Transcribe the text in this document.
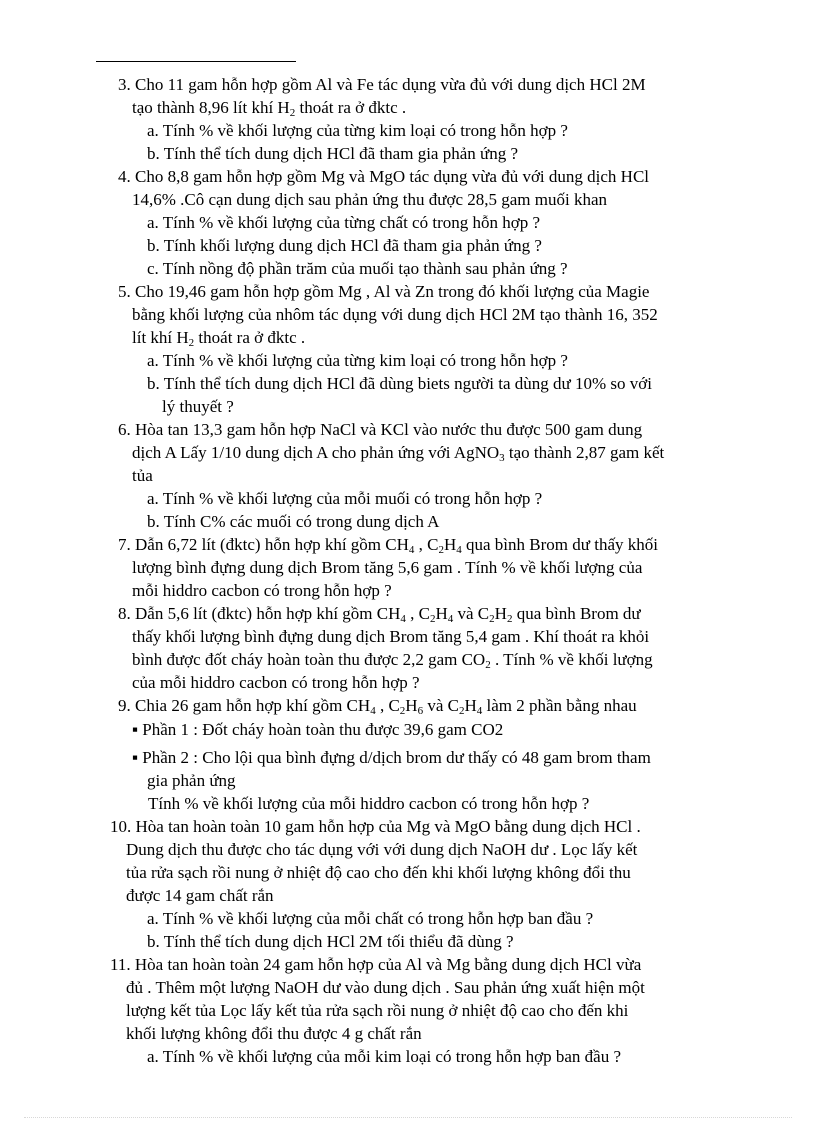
3. Cho 11 gam hỗn hợp gồm Al và Fe tác dụng vừa đủ với dung dịch HCl 2M
tạo thành 8,96 lít khí $H_2$ thoát ra ở đktc .
a. Tính % về khối lượng của từng kim loại có trong hỗn hợp ?
b. Tính thể tích dung dịch HCl đã tham gia phản ứng ?
4. Cho 8,8 gam hỗn hợp gồm Mg và MgO tác dụng vừa đủ với dung dịch HCl
14,6% .Cô cạn dung dịch sau phản ứng thu được 28,5 gam muối khan
a. Tính % về khối lượng của từng chất có trong hỗn hợp ?
b. Tính khối lượng dung dịch HCl đã tham gia phản ứng ?
c. Tính nồng độ phần trăm của muối tạo thành sau phản ứng ?
5. Cho 19,46 gam hỗn hợp gồm Mg , Al và Zn trong đó khối lượng của Magie
bằng khối lượng của nhôm tác dụng với dung dịch HCl 2M tạo thành 16, 352
lít khí $H_2$ thoát ra ở đktc .
a. Tính % về khối lượng của từng kim loại có trong hỗn hợp ?
b. Tính thể tích dung dịch HCl đã dùng biets người ta dùng dư 10% so với
lý thuyết ?
6. Hòa tan 13,3 gam hỗn hợp NaCl và KCl vào nước thu được 500 gam dung
dịch A Lấy 1/10 dung dịch A cho phản ứng với AgNO$_3$ tạo thành 2,87 gam kết
tủa
a. Tính % về khối lượng của mỗi muối có trong hỗn hợp ?
b. Tính C% các muối có trong dung dịch A
7. Dẫn 6,72 lít (đktc) hỗn hợp khí gồm $CH_4$ , $C_2H_4$ qua bình Brom dư thấy khối
lượng bình đựng dung dịch Brom tăng 5,6 gam . Tính % về khối lượng của
mỗi hiddro cacbon có trong hỗn hợp ?
8. Dẫn 5,6 lít (đktc) hỗn hợp khí gồm $CH_4$ , $C_2H_4$ và $C_2H_2$ qua bình Brom dư
thấy khối lượng bình đựng dung dịch Brom tăng 5,4 gam . Khí thoát ra khỏi
bình được đốt cháy hoàn toàn thu được 2,2 gam $CO_2$ . Tính % về khối lượng
của mỗi hiddro cacbon có trong hỗn hợp ?
9. Chia 26 gam hỗn hợp khí gồm $CH_4$ , $C_2H_6$ và $C_2H_4$ làm 2 phần bằng nhau
▪ Phần 1 : Đốt cháy hoàn toàn thu được 39,6 gam CO2
▪ Phần 2 : Cho lội qua bình đựng d/dịch brom dư thấy có 48 gam brom tham
gia phản ứng
Tính % về khối lượng của mỗi hiddro cacbon có trong hỗn hợp ?
10. Hòa tan hoàn toàn 10 gam hỗn hợp của Mg và MgO bằng dung dịch HCl .
Dung dịch thu được cho tác dụng với với dung dịch NaOH dư . Lọc lấy kết
tủa rửa sạch rồi nung ở nhiệt độ cao cho đến khi khối lượng không đổi thu
được 14 gam chất rắn
a. Tính % về khối lượng của mỗi chất có trong hỗn hợp ban đầu ?
b. Tính thể tích dung dịch HCl 2M tối thiểu đã dùng ?
11. Hòa tan hoàn toàn 24 gam hỗn hợp của Al và Mg bằng dung dịch HCl vừa
đủ . Thêm một lượng NaOH dư vào dung dịch . Sau phản ứng xuất hiện một
lượng kết tủa Lọc lấy kết tủa rửa sạch rồi nung ở nhiệt độ cao cho đến khi
khối lượng không đổi thu được 4 g chất rắn
a. Tính % về khối lượng của mỗi kim loại có trong hỗn hợp ban đầu ?
